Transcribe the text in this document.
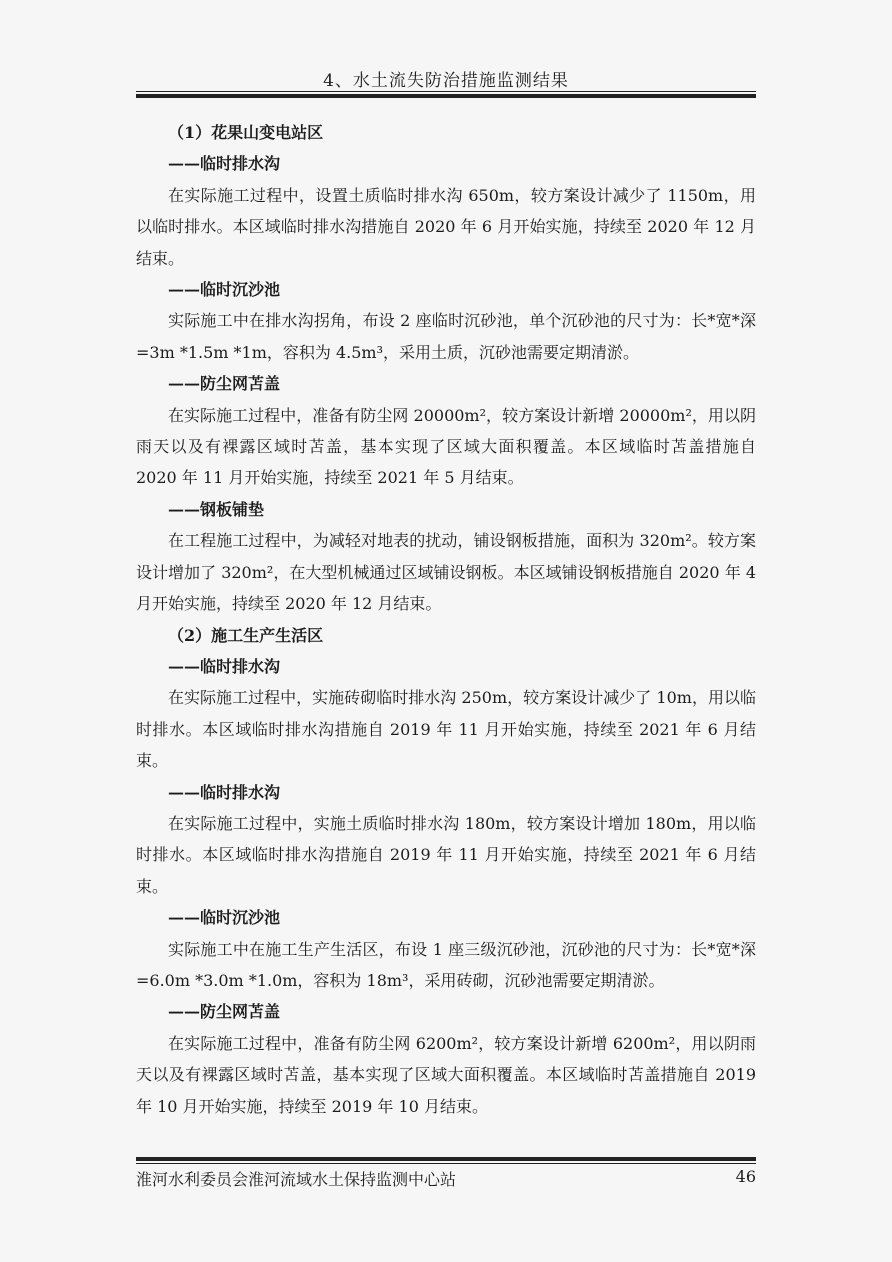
4、水土流失防治措施监测结果

（1）花果山变电站区

——临时排水沟

在实际施工过程中，设置土质临时排水沟 650m，较方案设计减少了 1150m，用以临时排水。本区域临时排水沟措施自 2020 年 6 月开始实施，持续至 2020 年 12 月结束。

——临时沉沙池

实际施工中在排水沟拐角，布设 2 座临时沉砂池，单个沉砂池的尺寸为：长*宽*深=3m *1.5m *1m，容积为 4.5m³，采用土质，沉砂池需要定期清淤。

——防尘网苫盖

在实际施工过程中，准备有防尘网 20000m²，较方案设计新增 20000m²，用以阴雨天以及有裸露区域时苫盖，基本实现了区域大面积覆盖。本区域临时苫盖措施自 2020 年 11 月开始实施，持续至 2021 年 5 月结束。

——钢板铺垫

在工程施工过程中，为减轻对地表的扰动，铺设钢板措施，面积为 320m²。较方案设计增加了 320m²，在大型机械通过区域铺设钢板。本区域铺设钢板措施自 2020 年 4 月开始实施，持续至 2020 年 12 月结束。

（2）施工生产生活区

——临时排水沟

在实际施工过程中，实施砖砌临时排水沟 250m，较方案设计减少了 10m，用以临时排水。本区域临时排水沟措施自 2019 年 11 月开始实施，持续至 2021 年 6 月结束。

——临时排水沟

在实际施工过程中，实施土质临时排水沟 180m，较方案设计增加 180m，用以临时排水。本区域临时排水沟措施自 2019 年 11 月开始实施，持续至 2021 年 6 月结束。

——临时沉沙池

实际施工中在施工生产生活区，布设 1 座三级沉砂池，沉砂池的尺寸为：长*宽*深=6.0m *3.0m *1.0m，容积为 18m³，采用砖砌，沉砂池需要定期清淤。

——防尘网苫盖

在实际施工过程中，准备有防尘网 6200m²，较方案设计新增 6200m²，用以阴雨天以及有裸露区域时苫盖，基本实现了区域大面积覆盖。本区域临时苫盖措施自 2019 年 10 月开始实施，持续至 2019 年 10 月结束。

淮河水利委员会淮河流域水土保持监测中心站	46
